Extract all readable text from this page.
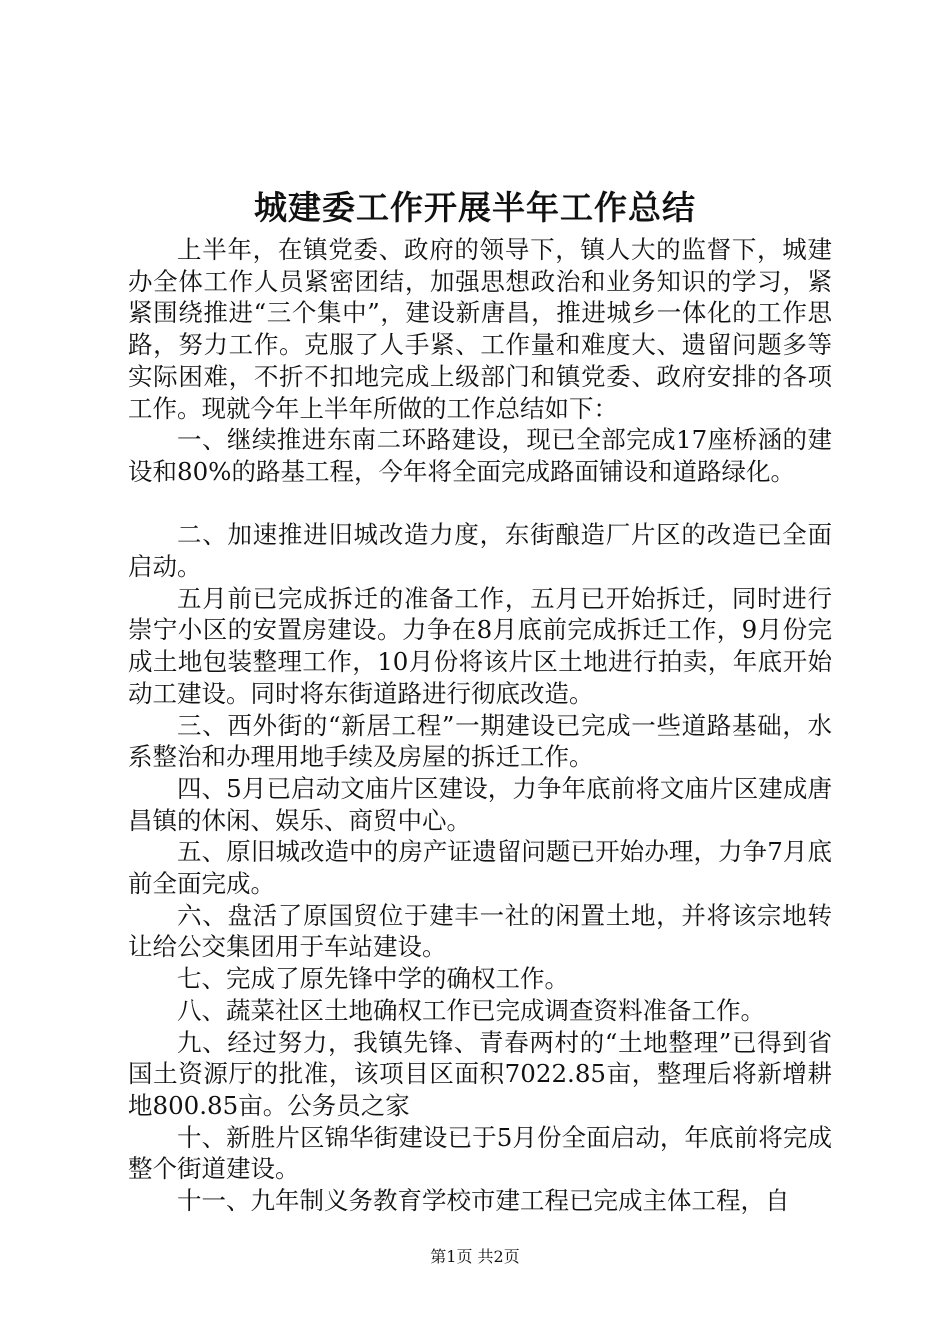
城建委工作开展半年工作总结

上半年，在镇党委、政府的领导下，镇人大的监督下，城建办全体工作人员紧密团结，加强思想政治和业务知识的学习，紧紧围绕推进“三个集中”，建设新唐昌，推进城乡一体化的工作思路，努力工作。克服了人手紧、工作量和难度大、遗留问题多等实际困难，不折不扣地完成上级部门和镇党委、政府安排的各项工作。现就今年上半年所做的工作总结如下：

一、继续推进东南二环路建设，现已全部完成17座桥涵的建设和80%的路基工程，今年将全面完成路面铺设和道路绿化。

二、加速推进旧城改造力度，东街酿造厂片区的改造已全面启动。

五月前已完成拆迁的准备工作，五月已开始拆迁，同时进行崇宁小区的安置房建设。力争在8月底前完成拆迁工作，9月份完成土地包装整理工作，10月份将该片区土地进行拍卖，年底开始动工建设。同时将东街道路进行彻底改造。

三、西外街的“新居工程”一期建设已完成一些道路基础，水系整治和办理用地手续及房屋的拆迁工作。

四、5月已启动文庙片区建设，力争年底前将文庙片区建成唐昌镇的休闲、娱乐、商贸中心。

五、原旧城改造中的房产证遗留问题已开始办理，力争7月底前全面完成。

六、盘活了原国贸位于建丰一社的闲置土地，并将该宗地转让给公交集团用于车站建设。

七、完成了原先锋中学的确权工作。

八、蔬菜社区土地确权工作已完成调查资料准备工作。

九、经过努力，我镇先锋、青春两村的“土地整理”已得到省国土资源厅的批准，该项目区面积7022.85亩，整理后将新增耕地800.85亩。公务员之家

十、新胜片区锦华街建设已于5月份全面启动，年底前将完成整个街道建设。

十一、九年制义务教育学校市建工程已完成主体工程，自

第1页 共2页
